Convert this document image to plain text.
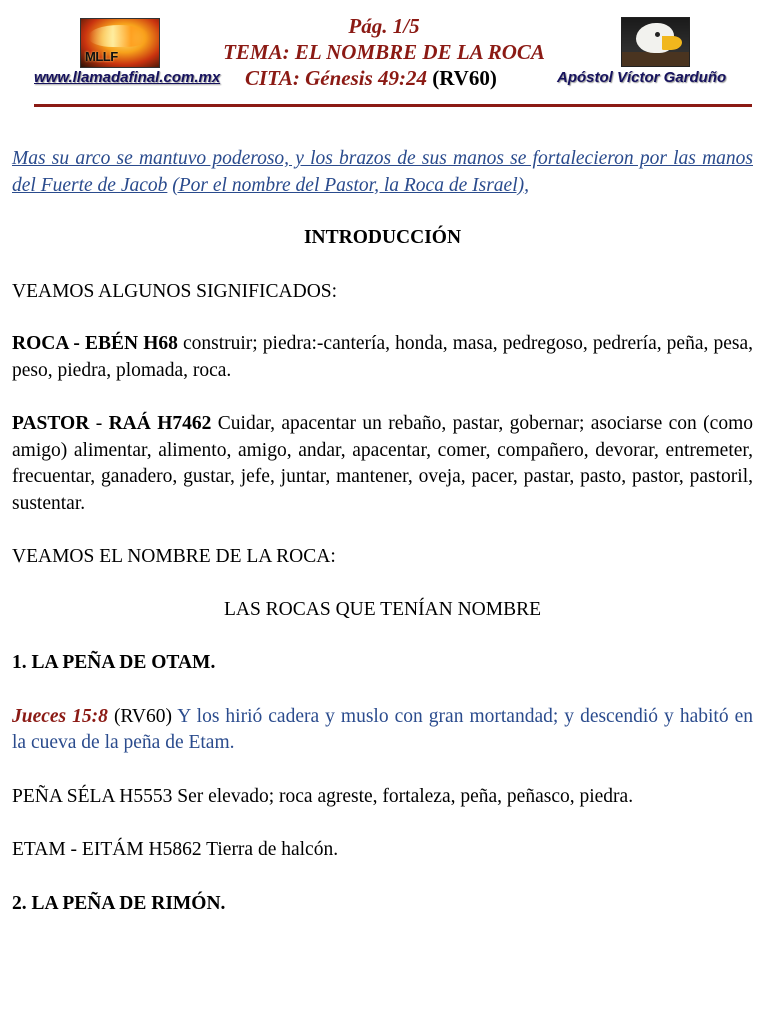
MLLF
Pág. 1/5
TEMA: EL NOMBRE DE LA ROCA
www.llamadafinal.com.mx CITA: Génesis 49:24 (RV60)	Apóstol Víctor Garduño

Mas su arco se mantuvo poderoso, y los brazos de sus manos se fortalecieron por las manos del Fuerte de Jacob (Por el nombre del Pastor, la Roca de Israel),

INTRODUCCIÓN

VEAMOS ALGUNOS SIGNIFICADOS:

ROCA - EBÉN H68 construir; piedra:-cantería, honda, masa, pedregoso, pedrería, peña, pesa, peso, piedra, plomada, roca.

PASTOR - RAÁ H7462 Cuidar, apacentar un rebaño, pastar, gobernar; asociarse con (como amigo) alimentar, alimento, amigo, andar, apacentar, comer, compañero, devorar, entremeter, frecuentar, ganadero, gustar, jefe, juntar, mantener, oveja, pacer, pastar, pasto, pastor, pastoril, sustentar.

VEAMOS EL NOMBRE DE LA ROCA:

LAS ROCAS QUE TENÍAN NOMBRE

1. LA PEÑA DE OTAM.

Jueces 15:8 (RV60) Y los hirió cadera y muslo con gran mortandad; y descendió y habitó en la cueva de la peña de Etam.

PEÑA SÉLA H5553 Ser elevado; roca agreste, fortaleza, peña, peñasco, piedra.

ETAM - EITÁM H5862 Tierra de halcón.

2. LA PEÑA DE RIMÓN.
